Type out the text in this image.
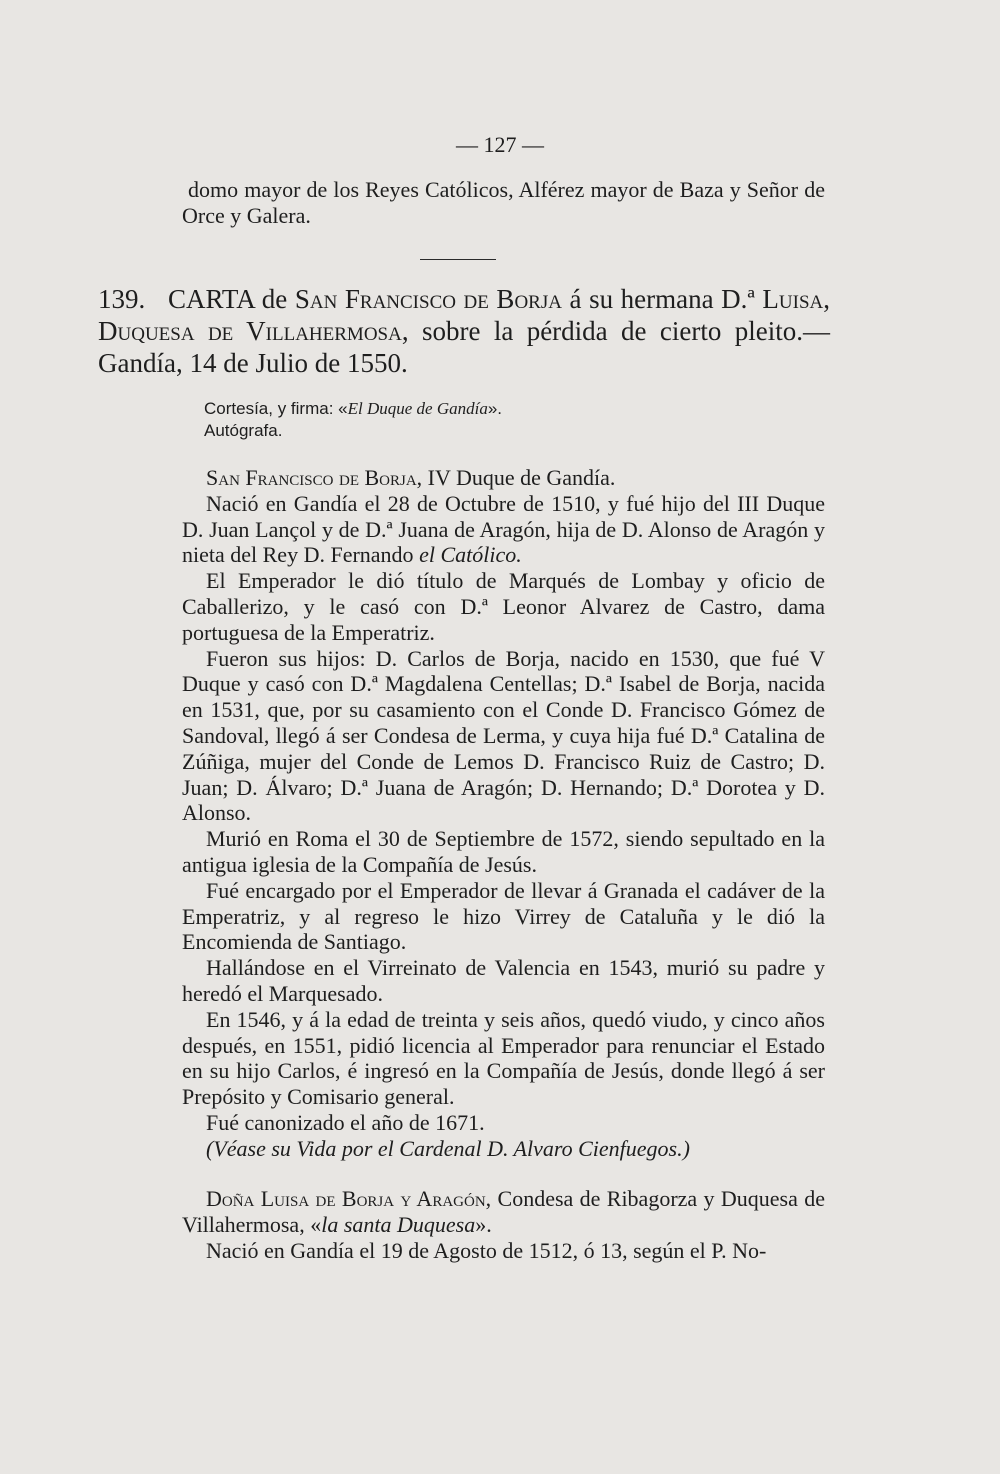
— 127 —
domo mayor de los Reyes Católicos, Alférez mayor de Baza y Señor de Orce y Galera.
139. CARTA de San Francisco de Borja á su hermana D.ª Luisa, Duquesa de Villahermosa, sobre la pérdida de cierto pleito.—Gandía, 14 de Julio de 1550.
Cortesía, y firma: «El Duque de Gandía».
Autógrafa.

San Francisco de Borja, IV Duque de Gandía.

Nació en Gandía el 28 de Octubre de 1510, y fué hijo del III Duque D. Juan Lançol y de D.ª Juana de Aragón, hija de D. Alonso de Aragón y nieta del Rey D. Fernando el Católico.

El Emperador le dió título de Marqués de Lombay y oficio de Caballerizo, y le casó con D.ª Leonor Alvarez de Castro, dama portuguesa de la Emperatriz.

Fueron sus hijos: D. Carlos de Borja, nacido en 1530, que fué V Duque y casó con D.ª Magdalena Centellas; D.ª Isabel de Borja, nacida en 1531, que, por su casamiento con el Conde D. Francisco Gómez de Sandoval, llegó á ser Condesa de Lerma, y cuya hija fué D.ª Catalina de Zúñiga, mujer del Conde de Lemos D. Francisco Ruiz de Castro; D. Juan; D. Álvaro; D.ª Juana de Aragón; D. Hernando; D.ª Dorotea y D. Alonso.

Murió en Roma el 30 de Septiembre de 1572, siendo sepultado en la antigua iglesia de la Compañía de Jesús.

Fué encargado por el Emperador de llevar á Granada el cadáver de la Emperatriz, y al regreso le hizo Virrey de Cataluña y le dió la Encomienda de Santiago.

Hallándose en el Virreinato de Valencia en 1543, murió su padre y heredó el Marquesado.

En 1546, y á la edad de treinta y seis años, quedó viudo, y cinco años después, en 1551, pidió licencia al Emperador para renunciar el Estado en su hijo Carlos, é ingresó en la Compañía de Jesús, donde llegó á ser Prepósito y Comisario general.

Fué canonizado el año de 1671.

(Véase su Vida por el Cardenal D. Alvaro Cienfuegos.)

Doña Luisa de Borja y Aragón, Condesa de Ribagorza y Duquesa de Villahermosa, «la santa Duquesa».

Nació en Gandía el 19 de Agosto de 1512, ó 13, según el P. No-
